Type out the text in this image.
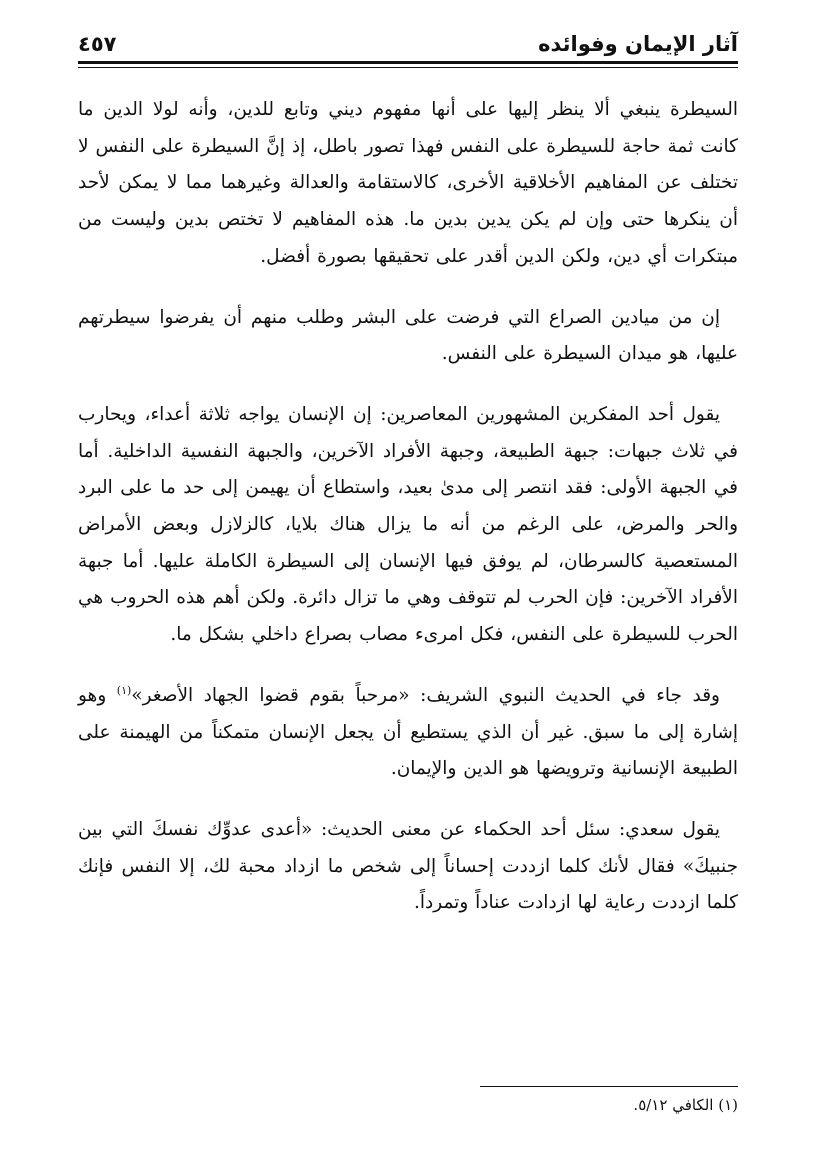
آثار الإيمان وفوائده
٤٥٧

السيطرة ينبغي ألا ينظر إليها على أنها مفهوم ديني وتابع للدين، وأنه لولا الدين ما كانت ثمة حاجة للسيطرة على النفس فهذا تصور باطل، إذ إنَّ السيطرة على النفس لا تختلف عن المفاهيم الأخلاقية الأخرى، كالاستقامة والعدالة وغيرهما مما لا يمكن لأحد أن ينكرها حتى وإن لم يكن يدين بدين ما. هذه المفاهيم لا تختص بدين وليست من مبتكرات أي دين، ولكن الدين أقدر على تحقيقها بصورة أفضل.

إن من ميادين الصراع التي فرضت على البشر وطلب منهم أن يفرضوا سيطرتهم عليها، هو ميدان السيطرة على النفس.

يقول أحد المفكرين المشهورين المعاصرين: إن الإنسان يواجه ثلاثة أعداء، ويحارب في ثلاث جبهات: جبهة الطبيعة، وجبهة الأفراد الآخرين، والجبهة النفسية الداخلية. أما في الجبهة الأولى: فقد انتصر إلى مدىٰ بعيد، واستطاع أن يهيمن إلى حد ما على البرد والحر والمرض، على الرغم من أنه ما يزال هناك بلايا، كالزلازل وبعض الأمراض المستعصية كالسرطان، لم يوفق فيها الإنسان إلى السيطرة الكاملة عليها. أما جبهة الأفراد الآخرين: فإن الحرب لم تتوقف وهي ما تزال دائرة. ولكن أهم هذه الحروب هي الحرب للسيطرة على النفس، فكل امرىء مصاب بصراع داخلي بشكل ما.

وقد جاء في الحديث النبوي الشريف: «مرحباً بقوم قضوا الجهاد الأصغر»$^{(١)}$ وهو إشارة إلى ما سبق. غير أن الذي يستطيع أن يجعل الإنسان متمكناً من الهيمنة على الطبيعة الإنسانية وترويضها هو الدين والإيمان.

يقول سعدي: سئل أحد الحكماء عن معنى الحديث: «أعدى عدوِّك نفسكَ التي بين جنبيكَ» فقال لأنك كلما ازددت إحساناً إلى شخص ما ازداد محبة لك، إلا النفس فإنك كلما ازددت رعاية لها ازدادت عناداً وتمرداً.

(١) الكافي ٥/١٢.
